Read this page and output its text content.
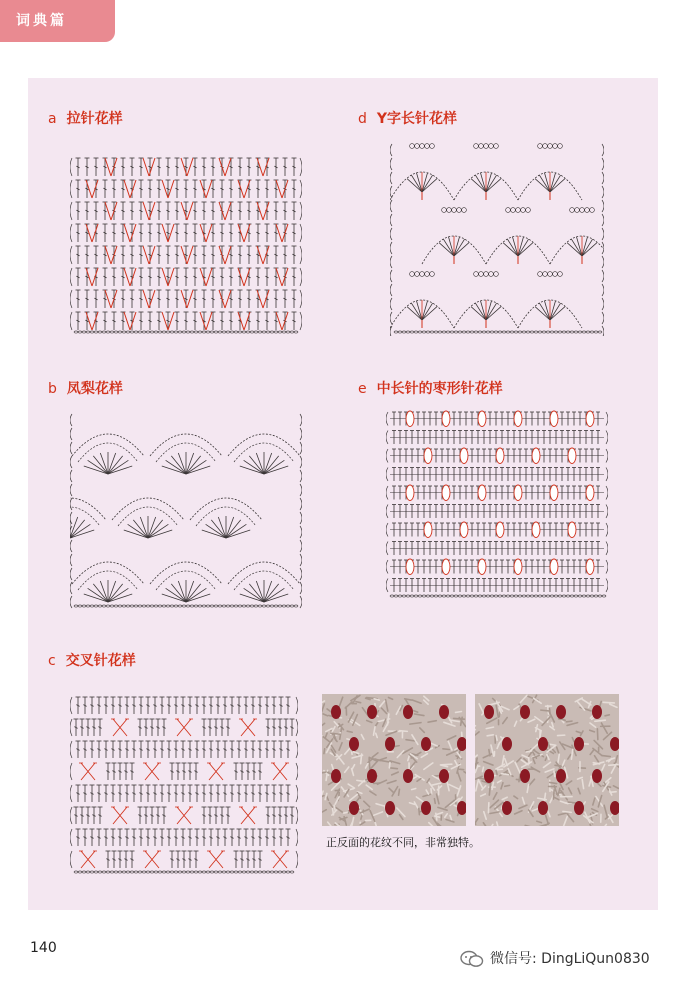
词典篇
a 拉针花样	d Y字长针花样
b 凤梨花样	e 中长针的枣形针花样
c 交叉针花样
正反面的花纹不同，非常独特。
140
微信号: DingLiQun0830
